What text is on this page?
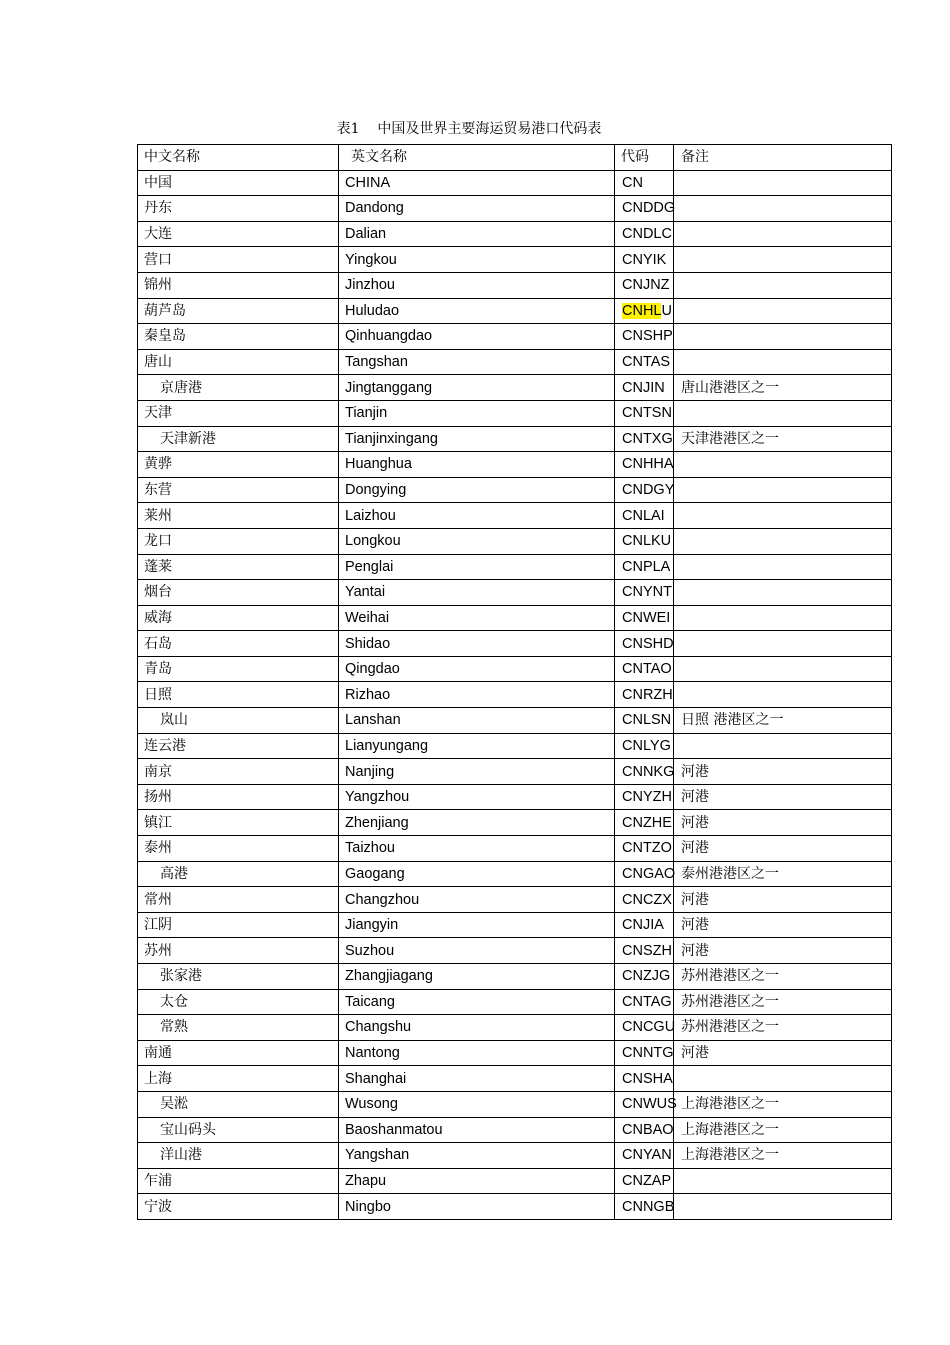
表1    中国及世界主要海运贸易港口代码表
中文名称	英文名称	代码	备注
中国	CHINA	CN	
丹东	Dandong	CNDDG	
大连	Dalian	CNDLC	
营口	Yingkou	CNYIK	
锦州	Jinzhou	CNJNZ	
葫芦岛	Huludao	CNHLU	
秦皇岛	Qinhuangdao	CNSHP	
唐山	Tangshan	CNTAS	
京唐港	Jingtanggang	CNJIN	唐山港港区之一
天津	Tianjin	CNTSN	
天津新港	Tianjinxingang	CNTXG	天津港港区之一
黄骅	Huanghua	CNHHA	
东营	Dongying	CNDGY	
莱州	Laizhou	CNLAI	
龙口	Longkou	CNLKU	
蓬莱	Penglai	CNPLA	
烟台	Yantai	CNYNT	
威海	Weihai	CNWEI	
石岛	Shidao	CNSHD	
青岛	Qingdao	CNTAO	
日照	Rizhao	CNRZH	
岚山	Lanshan	CNLSN	日照 港港区之一
连云港	Lianyungang	CNLYG	
南京	Nanjing	CNNKG	河港
扬州	Yangzhou	CNYZH	河港
镇江	Zhenjiang	CNZHE	河港
泰州	Taizhou	CNTZO	河港
高港	Gaogang	CNGAO	泰州港港区之一
常州	Changzhou	CNCZX	河港
江阴	Jiangyin	CNJIA	河港
苏州	Suzhou	CNSZH	河港
张家港	Zhangjiagang	CNZJG	苏州港港区之一
太仓	Taicang	CNTAG	苏州港港区之一
常熟	Changshu	CNCGU	苏州港港区之一
南通	Nantong	CNNTG	河港
上海	Shanghai	CNSHA	
吴淞	Wusong	CNWUS	上海港港区之一
宝山码头	Baoshanmatou	CNBAO	上海港港区之一
洋山港	Yangshan	CNYAN	上海港港区之一
乍浦	Zhapu	CNZAP	
宁波	Ningbo	CNNGB	
